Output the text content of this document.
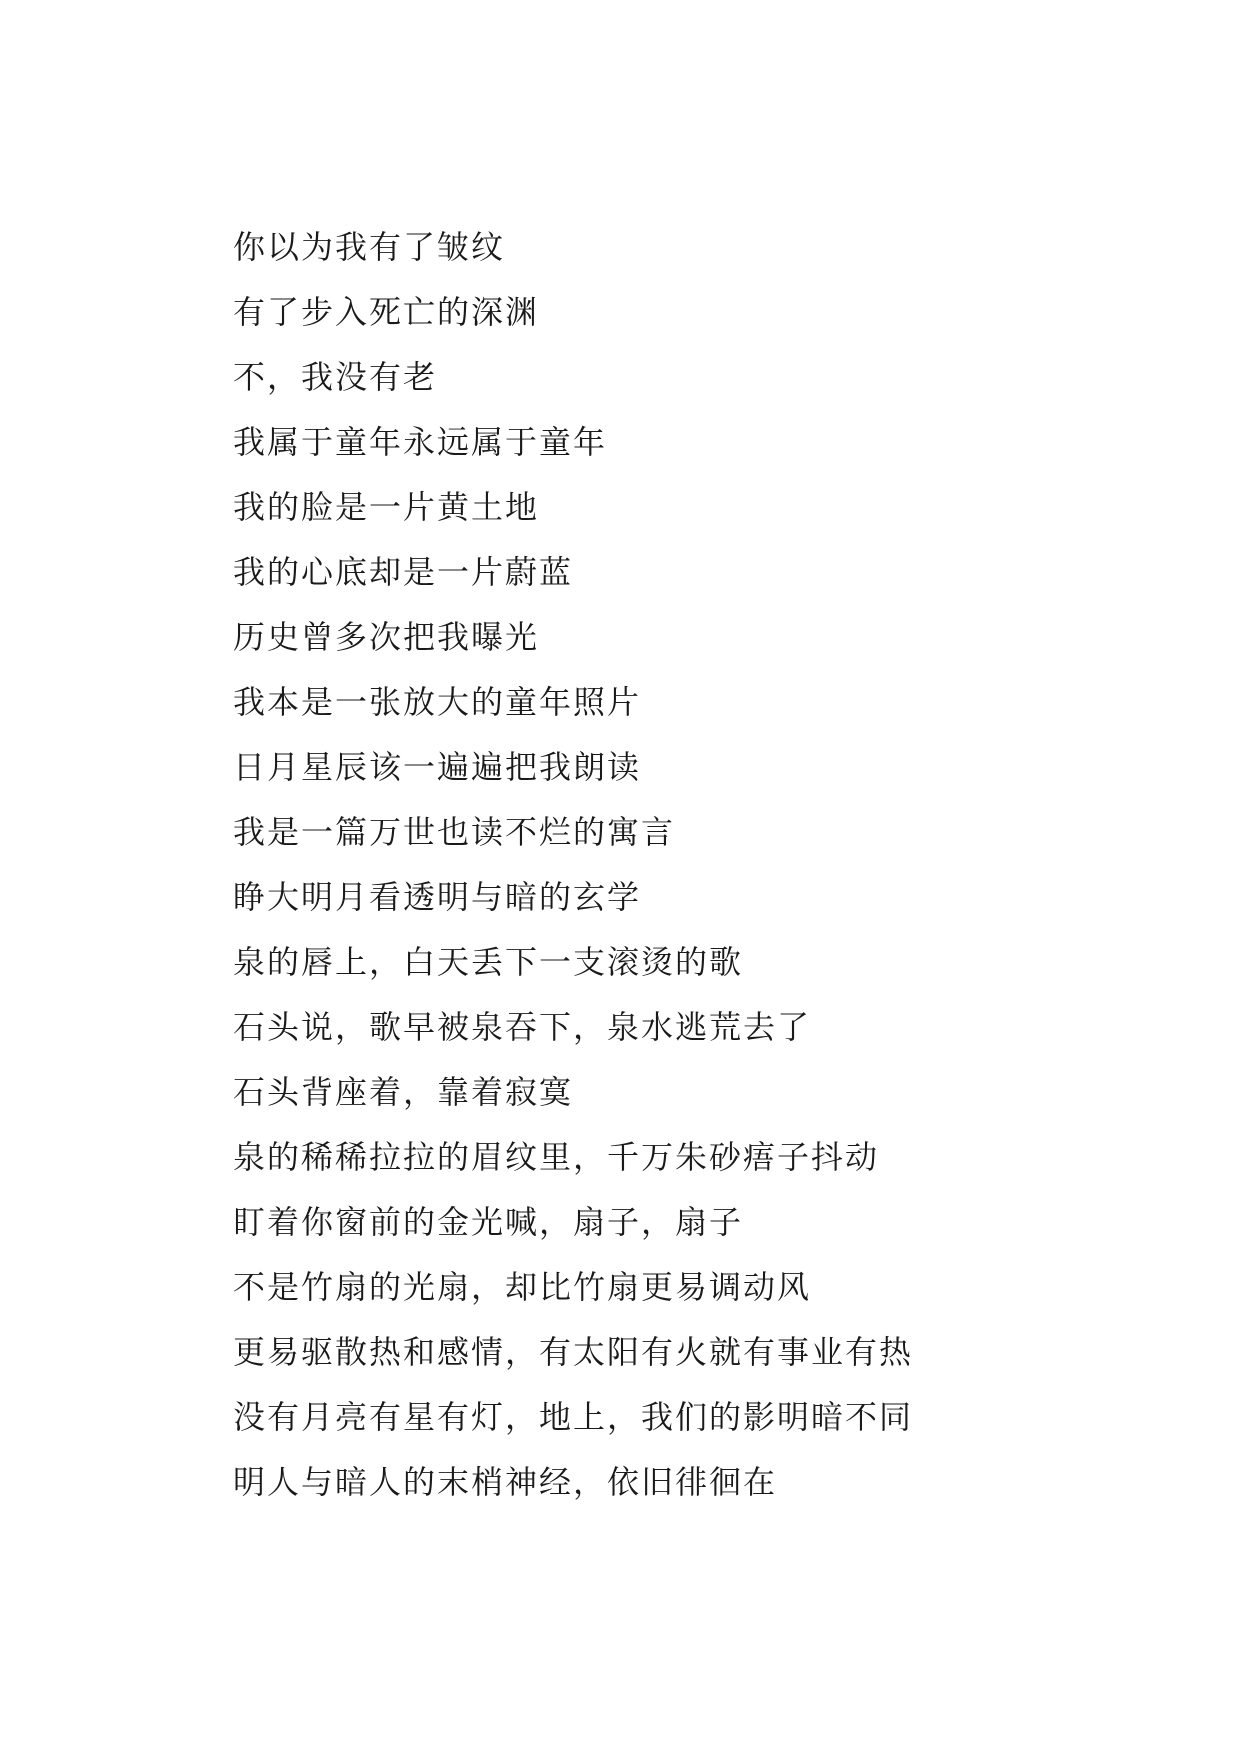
你以为我有了皱纹
有了步入死亡的深渊
不，我没有老
我属于童年永远属于童年
我的脸是一片黄土地
我的心底却是一片蔚蓝
历史曾多次把我曝光
我本是一张放大的童年照片
日月星辰该一遍遍把我朗读
我是一篇万世也读不烂的寓言
睁大明月看透明与暗的玄学
泉的唇上，白天丢下一支滚烫的歌
石头说，歌早被泉吞下，泉水逃荒去了
石头背座着，靠着寂寞
泉的稀稀拉拉的眉纹里，千万朱砂痦子抖动
盯着你窗前的金光喊，扇子，扇子
不是竹扇的光扇，却比竹扇更易调动风
更易驱散热和感情，有太阳有火就有事业有热
没有月亮有星有灯，地上，我们的影明暗不同
明人与暗人的末梢神经，依旧徘徊在
